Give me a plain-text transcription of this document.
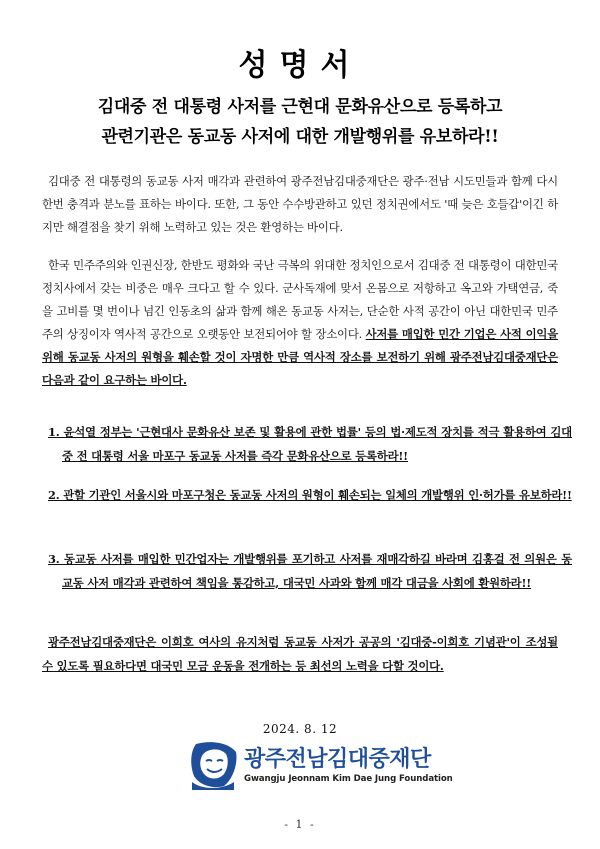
성명서
김대중 전 대통령 사저를 근현대 문화유산으로 등록하고
관련기관은 동교동 사저에 대한 개발행위를 유보하라!!

김대중 전 대통령의 동교동 사저 매각과 관련하여 광주전남김대중재단은 광주·전남 시도민들과 함께 다시 한번 충격과 분노를 표하는 바이다. 또한, 그 동안 수수방관하고 있던 정치권에서도 '때 늦은 호들갑'이긴 하지만 해결점을 찾기 위해 노력하고 있는 것은 환영하는 바이다.

한국 민주주의와 인권신장, 한반도 평화와 국난 극복의 위대한 정치인으로서 김대중 전 대통령이 대한민국 정치사에서 갖는 비중은 매우 크다고 할 수 있다. 군사독재에 맞서 온몸으로 저항하고 옥고와 가택연금, 죽을 고비를 몇 번이나 넘긴 인동초의 삶과 함께 해온 동교동 사저는, 단순한 사적 공간이 아닌 대한민국 민주주의 상징이자 역사적 공간으로 오랫동안 보전되어야 할 장소이다. 사저를 매입한 민간 기업은 사적 이익을 위해 동교동 사저의 원형을 훼손할 것이 자명한 만큼 역사적 장소를 보전하기 위해 광주전남김대중재단은 다음과 같이 요구하는 바이다.

1. 윤석열 정부는 '근현대사 문화유산 보존 및 활용에 관한 법률' 등의 법·제도적 장치를 적극 활용하여 김대중 전 대통령 서울 마포구 동교동 사저를 즉각 문화유산으로 등록하라!!

2. 관할 기관인 서울시와 마포구청은 동교동 사저의 원형이 훼손되는 일체의 개발행위 인·허가를 유보하라!!

3. 동교동 사저를 매입한 민간업자는 개발행위를 포기하고 사저를 재매각하길 바라며 김홍걸 전 의원은 동교동 사저 매각과 관련하여 책임을 통감하고, 대국민 사과와 함께 매각 대금을 사회에 환원하라!!

광주전남김대중재단은 이희호 여사의 유지처럼 동교동 사저가 공공의 '김대중-이희호 기념관'이 조성될 수 있도록 필요하다면 대국민 모금 운동을 전개하는 등 최선의 노력을 다할 것이다.

2024. 8. 12
광주전남김대중재단
Gwangju Jeonnam Kim Dae Jung Foundation
- 1 -
